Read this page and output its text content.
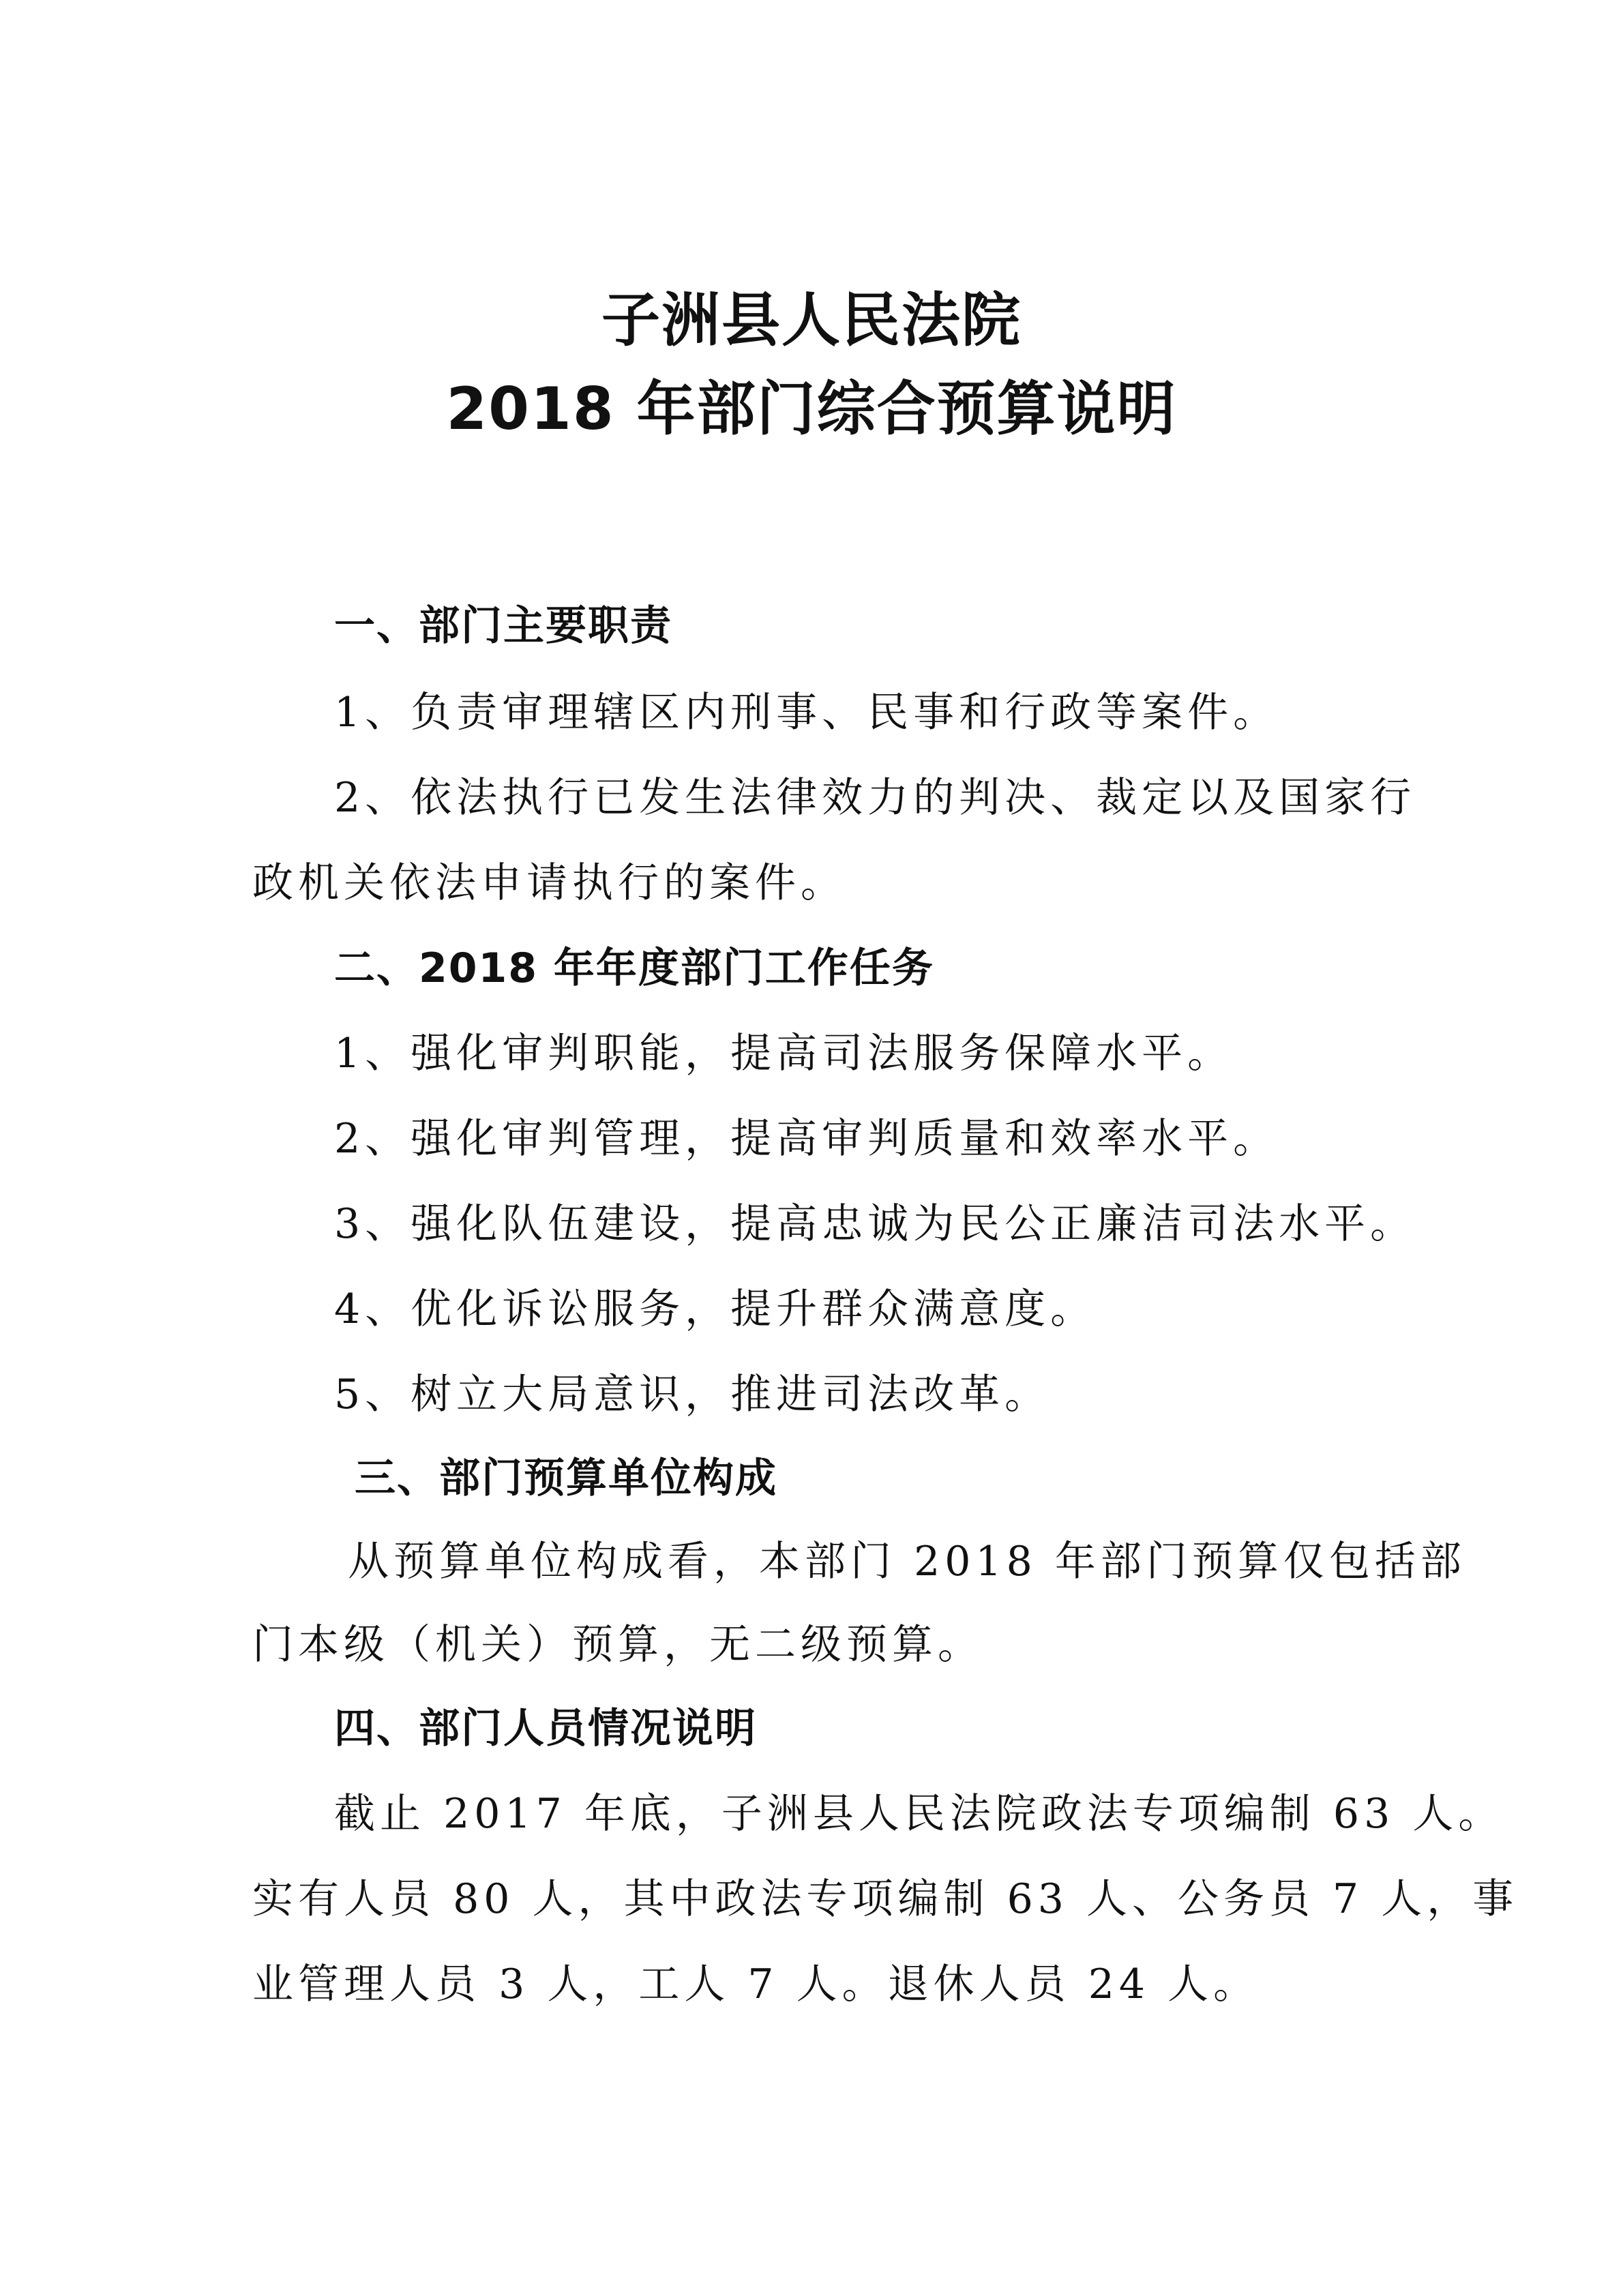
子洲县人民法院
2018 年部门综合预算说明
一、部门主要职责
1、负责审理辖区内刑事、民事和行政等案件。
2、依法执行已发生法律效力的判决、裁定以及国家行
政机关依法申请执行的案件。
二、2018 年年度部门工作任务
1、强化审判职能，提高司法服务保障水平。
2、强化审判管理，提高审判质量和效率水平。
3、强化队伍建设，提高忠诚为民公正廉洁司法水平。
4、优化诉讼服务，提升群众满意度。
5、树立大局意识，推进司法改革。
三、部门预算单位构成
从预算单位构成看，本部门 2018 年部门预算仅包括部
门本级（机关）预算，无二级预算。
四、部门人员情况说明
截止 2017 年底，子洲县人民法院政法专项编制 63 人。
实有人员 80 人，其中政法专项编制 63 人、公务员 7 人，事
业管理人员 3 人，工人 7 人。退休人员 24 人。
